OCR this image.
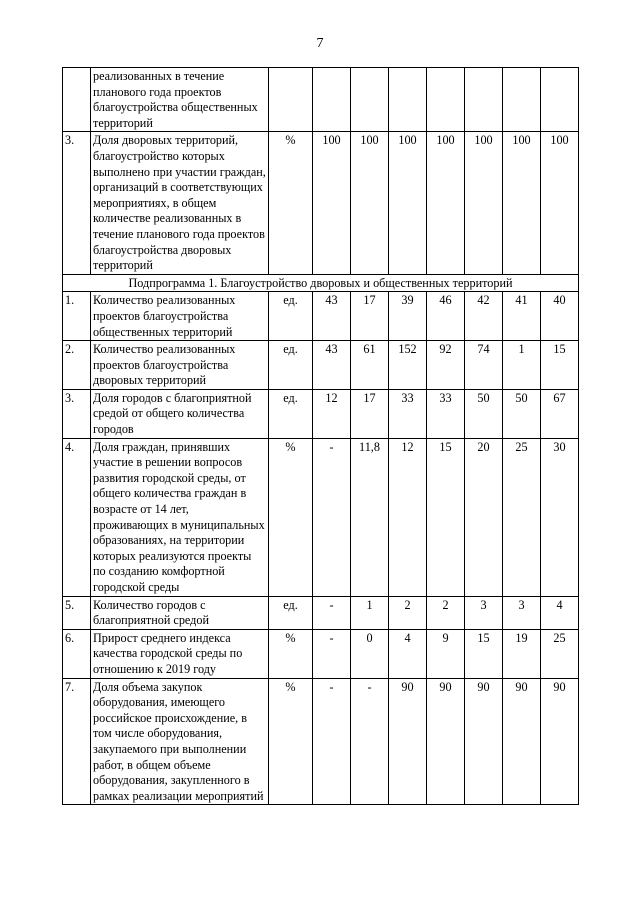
7
	реализованных в течение планового года проектов благоустройства общественных территорий								
3.	Доля дворовых территорий, благоустройство которых выполнено при участии граждан, организаций в соответствующих мероприятиях, в общем количестве реализованных в течение планового года проектов благоустройства дворовых территорий	%	100	100	100	100	100	100	100
Подпрограмма 1. Благоустройство дворовых и общественных территорий									
1.	Количество реализованных проектов благоустройства общественных территорий	ед.	43	17	39	46	42	41	40
2.	Количество реализованных проектов благоустройства дворовых территорий	ед.	43	61	152	92	74	1	15
3.	Доля городов с благоприятной средой от общего количества городов	ед.	12	17	33	33	50	50	67
4.	Доля граждан, принявших участие в решении вопросов развития городской среды, от общего количества граждан в возрасте от 14 лет, проживающих в муниципальных образованиях, на территории которых реализуются проекты по созданию комфортной городской среды	%	-	11,8	12	15	20	25	30
5.	Количество городов с благоприятной средой	ед.	-	1	2	2	3	3	4
6.	Прирост среднего индекса качества городской среды по отношению к 2019 году	%	-	0	4	9	15	19	25
7.	Доля объема закупок оборудования, имеющего российское происхождение, в том числе оборудования, закупаемого при выполнении работ, в общем объеме оборудования, закупленного в рамках реализации мероприятий	%	-	-	90	90	90	90	90
